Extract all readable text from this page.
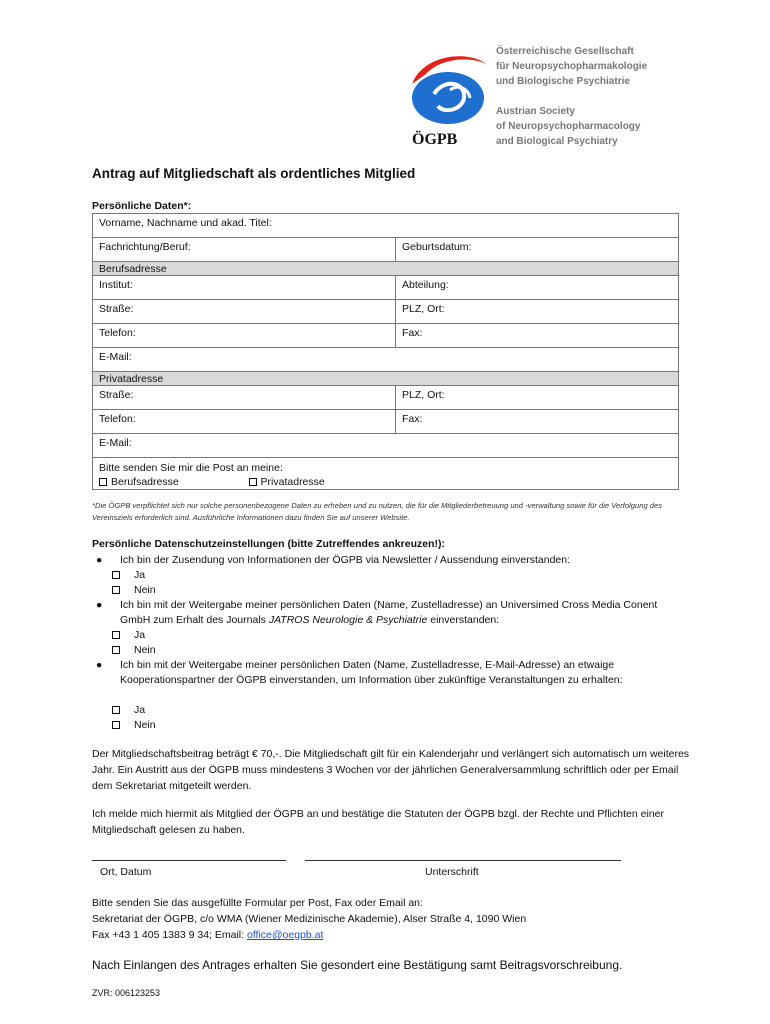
ÖGPB
Österreichische Gesellschaft
für Neuropsychopharmakologie
und Biologische Psychiatrie
Austrian Society
of Neuropsychopharmacology
and Biological Psychiatry
Antrag auf Mitgliedschaft als ordentliches Mitglied
Persönliche Daten*:
Vorname, Nachname und akad. Titel:	
Fachrichtung/Beruf:	Geburtsdatum:
Berufsadresse	
Institut:	Abteilung:
Straße:	PLZ, Ort:
Telefon:	Fax:
E-Mail:	
Privatadresse	
Straße:	PLZ, Ort:
Telefon:	Fax:
E-Mail:	

Bitte senden Sie mir die Post an meine:
Berufsadresse Privatadresse	
*Die ÖGPB verpflichtet sich nur solche personenbezogene Daten zu erheben und zu nutzen, die für die Mitgliederbetreuung und -verwaltung sowie für die Verfolgung des Vereinsziels erforderlich sind. Ausführliche Informationen dazu finden Sie auf unserer Website.
Persönliche Datenschutzeinstellungen (bitte Zutreffendes ankreuzen!):
● Ich bin der Zusendung von Informationen der ÖGPB via Newsletter / Aussendung einverstanden:
Ja
Nein
● Ich bin mit der Weitergabe meiner persönlichen Daten (Name, Zustelladresse) an Universimed Cross Media Conent GmbH zum Erhalt des Journals JATROS Neurologie & Psychiatrie einverstanden:
Ja
Nein
● Ich bin mit der Weitergabe meiner persönlichen Daten (Name, Zustelladresse, E-Mail-Adresse) an etwaige Kooperationspartner der ÖGPB einverstanden, um Information über zukünftige Veranstaltungen zu erhalten:
Ja
Nein
Der Mitgliedschaftsbeitrag beträgt € 70,-. Die Mitgliedschaft gilt für ein Kalenderjahr und verlängert sich automatisch um weiteres Jahr. Ein Austritt aus der ÖGPB muss mindestens 3 Wochen vor der jährlichen Generalversammlung schriftlich oder per Email dem Sekretariat mitgeteilt werden.
Ich melde mich hiermit als Mitglied der ÖGPB an und bestätige die Statuten der ÖGPB bzgl. der Rechte und Pflichten einer Mitgliedschaft gelesen zu haben.
Ort, Datum	Unterschrift
Bitte senden Sie das ausgefüllte Formular per Post, Fax oder Email an:
Sekretariat der ÖGPB, c/o WMA (Wiener Medizinische Akademie), Alser Straße 4, 1090 Wien
Fax +43 1 405 1383 9 34; Email: office@oegpb.at
Nach Einlangen des Antrages erhalten Sie gesondert eine Bestätigung samt Beitragsvorschreibung.
ZVR: 006123253
